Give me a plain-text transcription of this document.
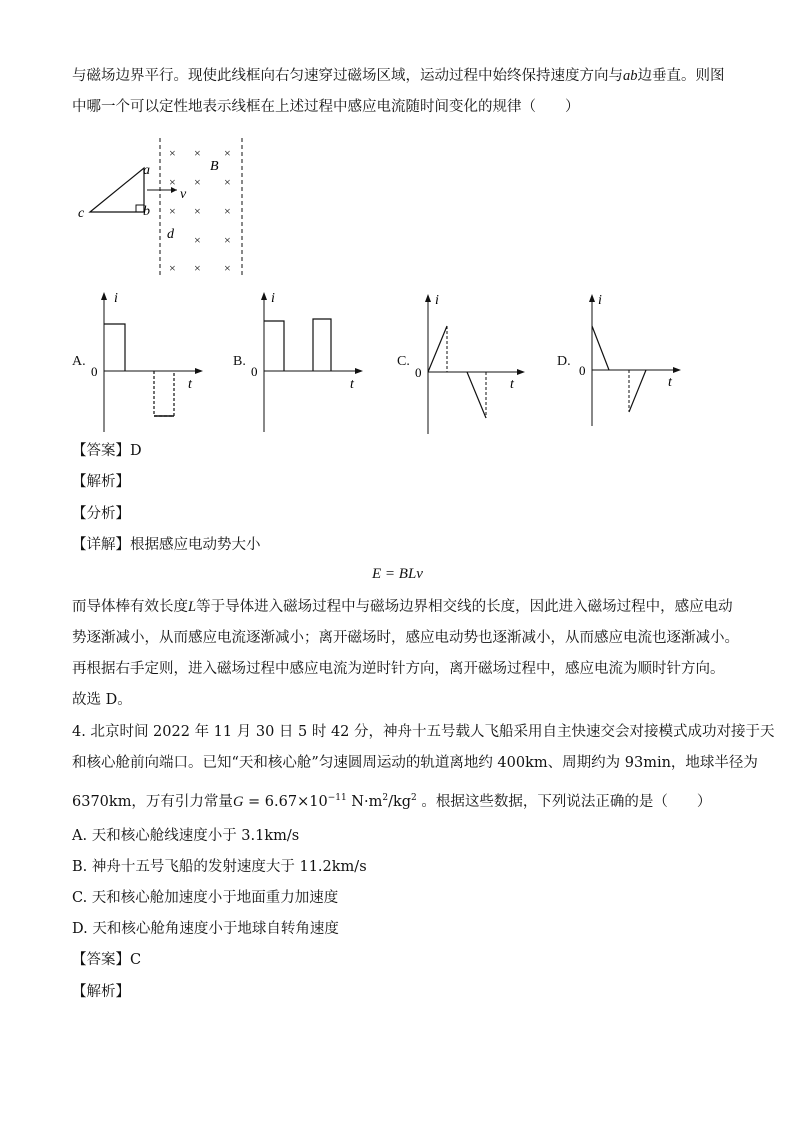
与磁场边界平行。现使此线框向右匀速穿过磁场区域，运动过程中始终保持速度方向与ab边垂直。则图
中哪一个可以定性地表示线框在上述过程中感应电流随时间变化的规律（　　）
a
b
c
v
B
d
× × ×
× × ×
× × ×
× ×
× × ×
A.
i
0
t
B.
i
0
t
C.
i
0
t
D.
i
0
t
【答案】D
【解析】
【分析】
【详解】根据感应电动势大小
E = BLv
而导体棒有效长度L等于导体进入磁场过程中与磁场边界相交线的长度，因此进入磁场过程中，感应电动
势逐渐减小，从而感应电流逐渐减小；离开磁场时，感应电动势也逐渐减小，从而感应电流也逐渐减小。
再根据右手定则，进入磁场过程中感应电流为逆时针方向，离开磁场过程中，感应电流为顺时针方向。
故选 D。
4. 北京时间 2022 年 11 月 30 日 5 时 42 分，神舟十五号载人飞船采用自主快速交会对接模式成功对接于天
和核心舱前向端口。已知“天和核心舱”匀速圆周运动的轨道离地约 400km、周期约为 93min，地球半径为
6370km，万有引力常量$G = 6.67\times 10^{-11}$ $N\cdot m^2/kg^2$ 。根据这些数据，下列说法正确的是（　　）
A. 天和核心舱线速度小于 3.1km/s
B. 神舟十五号飞船的发射速度大于 11.2km/s
C. 天和核心舱加速度小于地面重力加速度
D. 天和核心舱角速度小于地球自转角速度
【答案】C
【解析】
